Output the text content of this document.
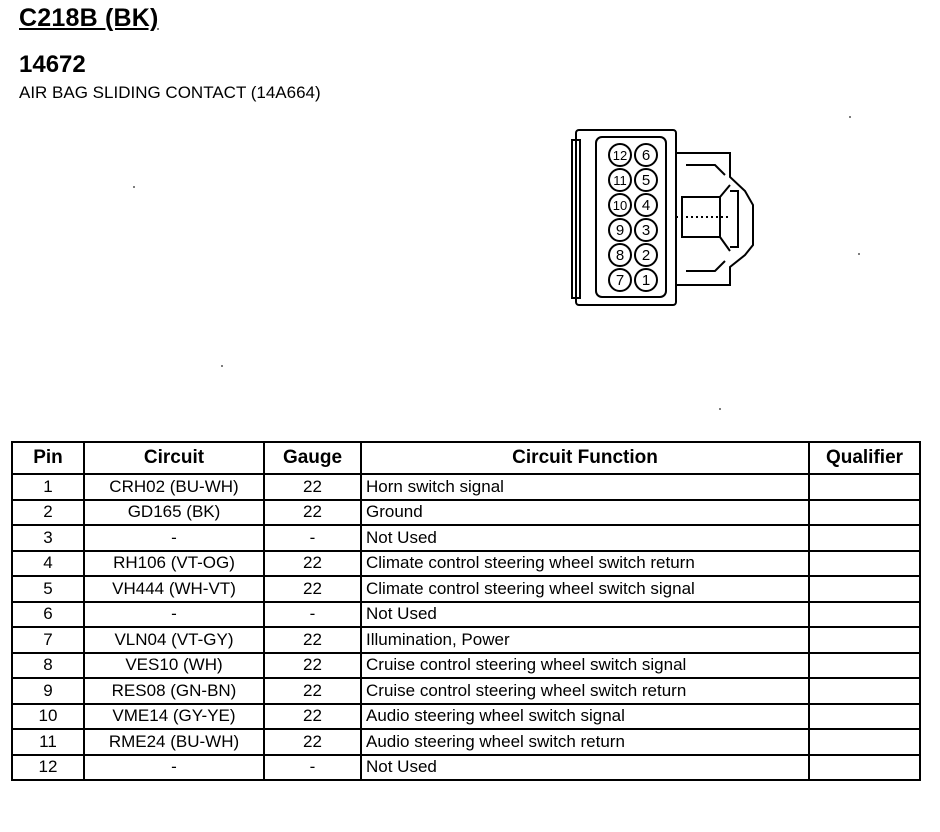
C218B (BK)
14672
AIR BAG SLIDING CONTACT (14A664)
12 6
11 5
10 4
9 3
8 2
7 1
Pin	Circuit	Gauge	Circuit Function	Qualifier
1	CRH02 (BU-WH)	22	Horn switch signal	
2	GD165 (BK)	22	Ground	
3	-	-	Not Used	
4	RH106 (VT-OG)	22	Climate control steering wheel switch return	
5	VH444 (WH-VT)	22	Climate control steering wheel switch signal	
6	-	-	Not Used	
7	VLN04 (VT-GY)	22	Illumination, Power	
8	VES10 (WH)	22	Cruise control steering wheel switch signal	
9	RES08 (GN-BN)	22	Cruise control steering wheel switch return	
10	VME14 (GY-YE)	22	Audio steering wheel switch signal	
11	RME24 (BU-WH)	22	Audio steering wheel switch return	
12	-	-	Not Used	
